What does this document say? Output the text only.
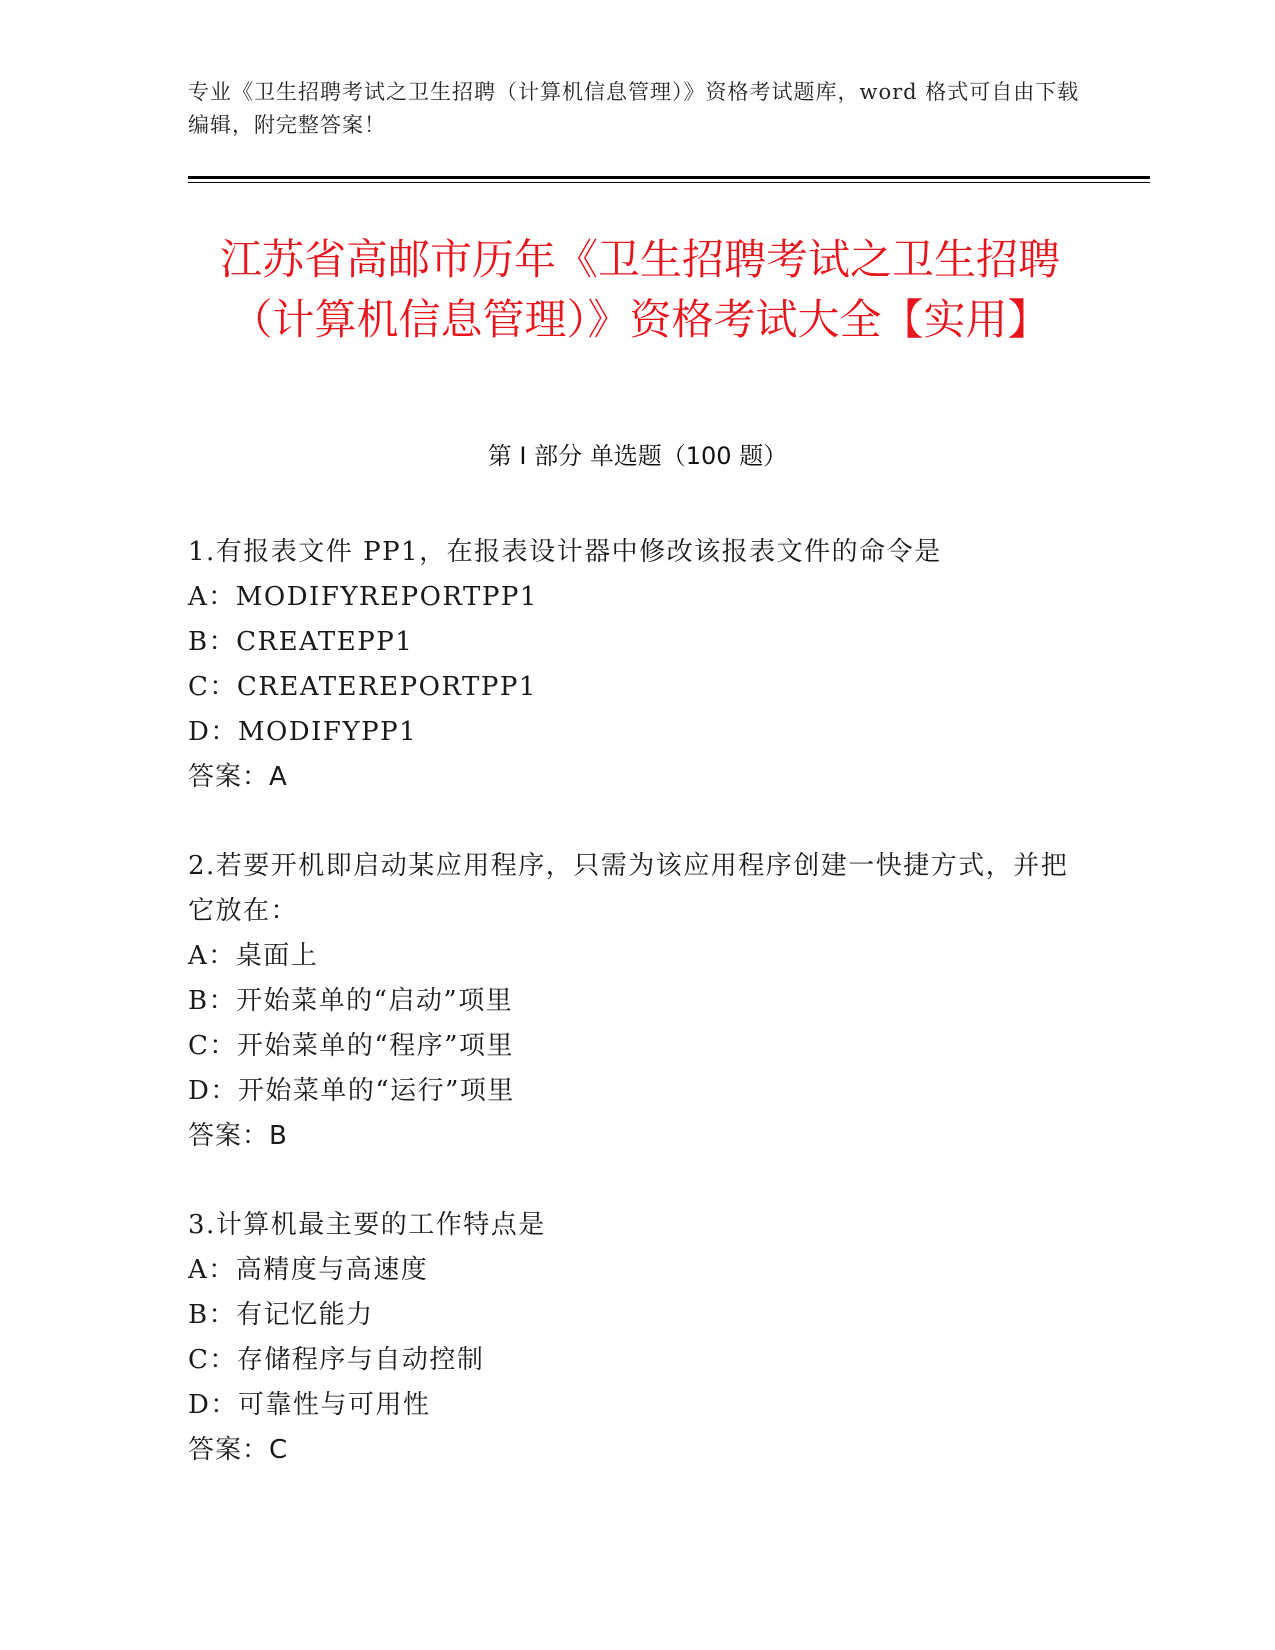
专业《卫生招聘考试之卫生招聘（计算机信息管理）》资格考试题库，word 格式可自由下载编辑，附完整答案！
江苏省高邮市历年《卫生招聘考试之卫生招聘（计算机信息管理）》资格考试大全【实用】
第 I 部分 单选题（100 题）
1.有报表文件 PP1，在报表设计器中修改该报表文件的命令是
A：MODIFYREPORTPP1
B：CREATEPP1
C：CREATEREPORTPP1
D：MODIFYPP1
答案：A
2.若要开机即启动某应用程序，只需为该应用程序创建一快捷方式，并把它放在：
A：桌面上
B：开始菜单的“启动”项里
C：开始菜单的“程序”项里
D：开始菜单的“运行”项里
答案：B
3.计算机最主要的工作特点是
A：高精度与高速度
B：有记忆能力
C：存储程序与自动控制
D：可靠性与可用性
答案：C
